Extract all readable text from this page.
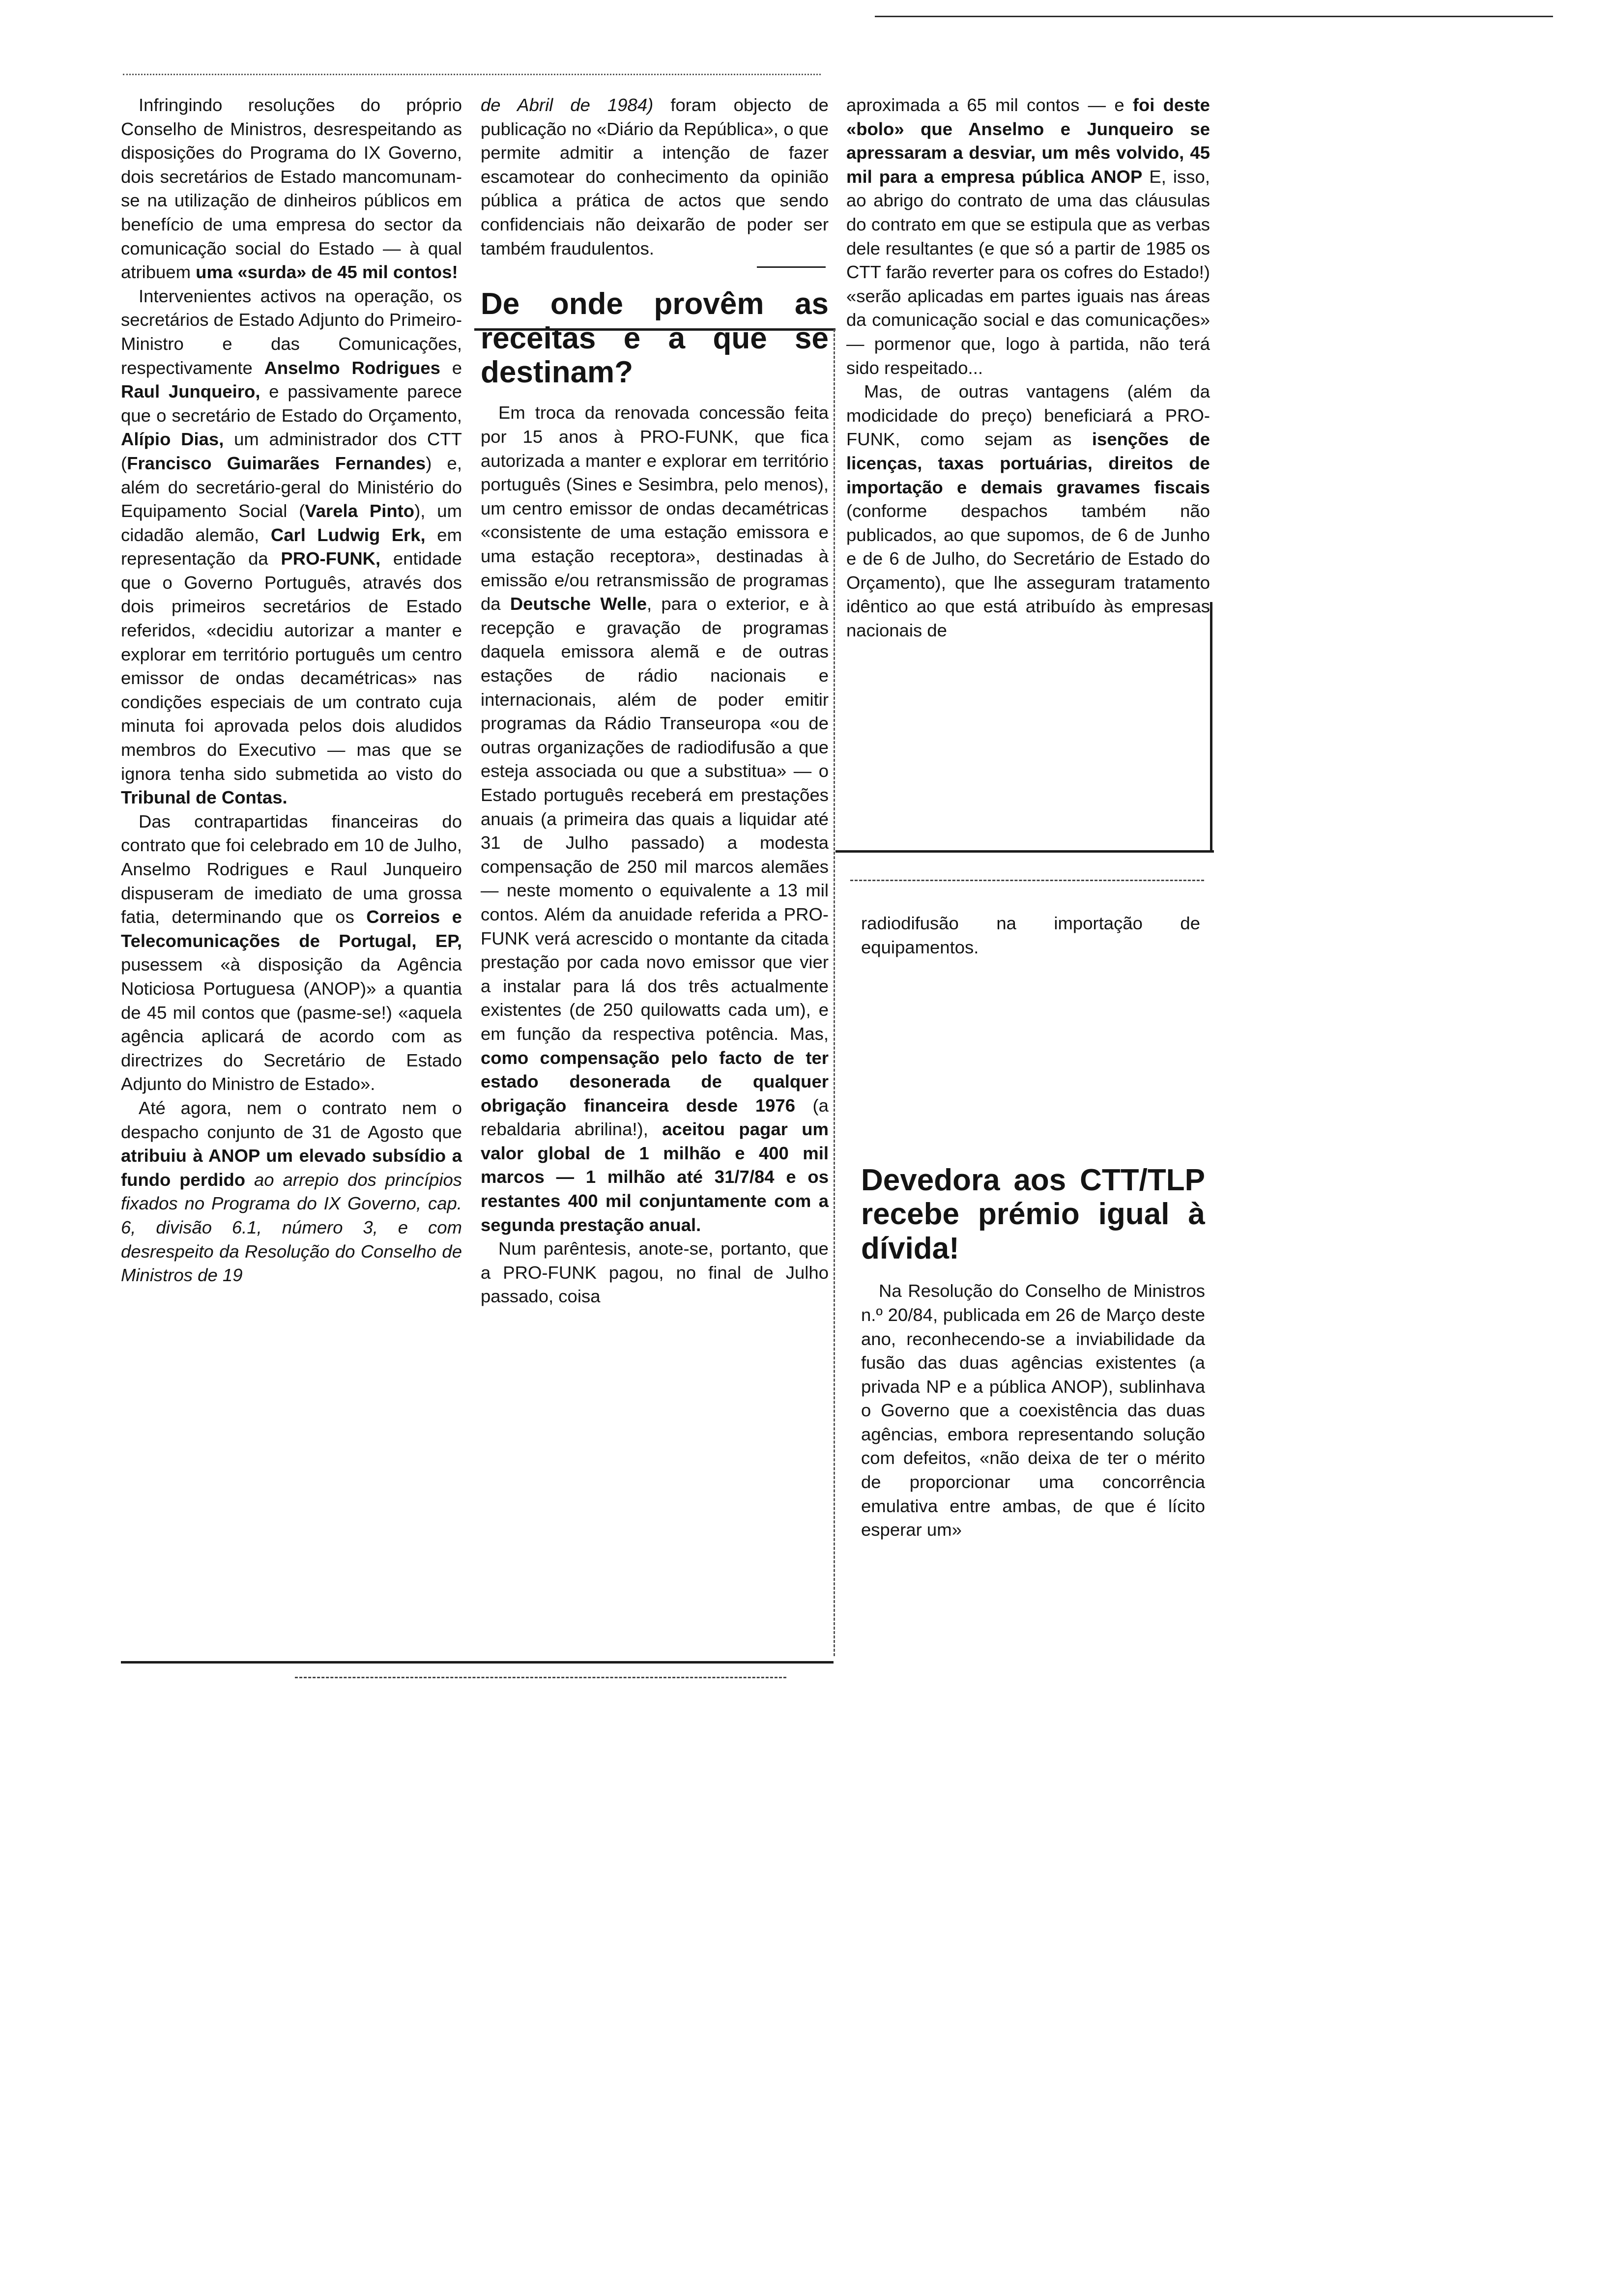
Infringindo resoluções do próprio Conselho de Ministros, desrespeitando as disposições do Programa do IX Governo, dois secretários de Estado mancomunam-se na utilização de dinheiros públicos em benefício de uma empresa do sector da comunicação social do Estado — à qual atribuem uma «surda» de 45 mil contos!

Intervenientes activos na operação, os secretários de Estado Adjunto do Primeiro-Ministro e das Comunicações, respectivamente Anselmo Rodrigues e Raul Junqueiro, e passivamente parece que o secretário de Estado do Orçamento, Alípio Dias, um administrador dos CTT (Francisco Guimarães Fernandes) e, além do secretário-geral do Ministério do Equipamento Social (Varela Pinto), um cidadão alemão, Carl Ludwig Erk, em representação da PRO-FUNK, entidade que o Governo Português, através dos dois primeiros secretários de Estado referidos, «decidiu autorizar a manter e explorar em território português um centro emissor de ondas decamétricas» nas condições especiais de um contrato cuja minuta foi aprovada pelos dois aludidos membros do Executivo — mas que se ignora tenha sido submetida ao visto do Tribunal de Contas.

Das contrapartidas financeiras do contrato que foi celebrado em 10 de Julho, Anselmo Rodrigues e Raul Junqueiro dispuseram de imediato de uma grossa fatia, determinando que os Correios e Telecomunicações de Portugal, EP, pusessem «à disposição da Agência Noticiosa Portuguesa (ANOP)» a quantia de 45 mil contos que (pasme-se!) «aquela agência aplicará de acordo com as directrizes do Secretário de Estado Adjunto do Ministro de Estado».

Até agora, nem o contrato nem o despacho conjunto de 31 de Agosto que atribuiu à ANOP um elevado subsídio a fundo perdido ao arrepio dos princípios fixados no Programa do IX Governo, cap. 6, divisão 6.1, número 3, e com desrespeito da Resolução do Conselho de Ministros de 19

de Abril de 1984) foram objecto de publicação no «Diário da República», o que permite admitir a intenção de fazer escamotear do conhecimento da opinião pública a prática de actos que sendo confidenciais não deixarão de poder ser também fraudulentos.

De onde provêm as receitas e a que se destinam?

Em troca da renovada concessão feita por 15 anos à PRO-FUNK, que fica autorizada a manter e explorar em território português (Sines e Sesimbra, pelo menos), um centro emissor de ondas decamétricas «consistente de uma estação emissora e uma estação receptora», destinadas à emissão e/ou retransmissão de programas da Deutsche Welle, para o exterior, e à recepção e gravação de programas daquela emissora alemã e de outras estações de rádio nacionais e internacionais, além de poder emitir programas da Rádio Transeuropa «ou de outras organizações de radiodifusão a que esteja associada ou que a substitua» — o Estado português receberá em prestações anuais (a primeira das quais a liquidar até 31 de Julho passado) a modesta compensação de 250 mil marcos alemães — neste momento o equivalente a 13 mil contos. Além da anuidade referida a PRO-FUNK verá acrescido o montante da citada prestação por cada novo emissor que vier a instalar para lá dos três actualmente existentes (de 250 quilowatts cada um), e em função da respectiva potência. Mas, como compensação pelo facto de ter estado desonerada de qualquer obrigação financeira desde 1976 (a rebaldaria abrilina!), aceitou pagar um valor global de 1 milhão e 400 mil marcos — 1 milhão até 31/7/84 e os restantes 400 mil conjuntamente com a segunda prestação anual.

Num parêntesis, anote-se, portanto, que a PRO-FUNK pagou, no final de Julho passado, coisa

aproximada a 65 mil contos — e foi deste «bolo» que Anselmo e Junqueiro se apressaram a desviar, um mês volvido, 45 mil para a empresa pública ANOP E, isso, ao abrigo do contrato de uma das cláusulas do contrato em que se estipula que as verbas dele resultantes (e que só a partir de 1985 os CTT farão reverter para os cofres do Estado!) «serão aplicadas em partes iguais nas áreas da comunicação social e das comunicações» — pormenor que, logo à partida, não terá sido respeitado...

Mas, de outras vantagens (além da modicidade do preço) beneficiará a PRO-FUNK, como sejam as isenções de licenças, taxas portuárias, direitos de importação e demais gravames fiscais (conforme despachos também não publicados, ao que supomos, de 6 de Junho e de 6 de Julho, do Secretário de Estado do Orçamento), que lhe asseguram tratamento idêntico ao que está atribuído às empresas nacionais de

radiodifusão na importação de equipamentos.

Devedora aos CTT/TLP recebe prémio igual à dívida!

Na Resolução do Conselho de Ministros n.º 20/84, publicada em 26 de Março deste ano, reconhecendo-se a inviabilidade da fusão das duas agências existentes (a privada NP e a pública ANOP), sublinhava o Governo que a coexistência das duas agências, embora representando solução com defeitos, «não deixa de ter o mérito de proporcionar uma concorrência emulativa entre ambas, de que é lícito esperar um»
